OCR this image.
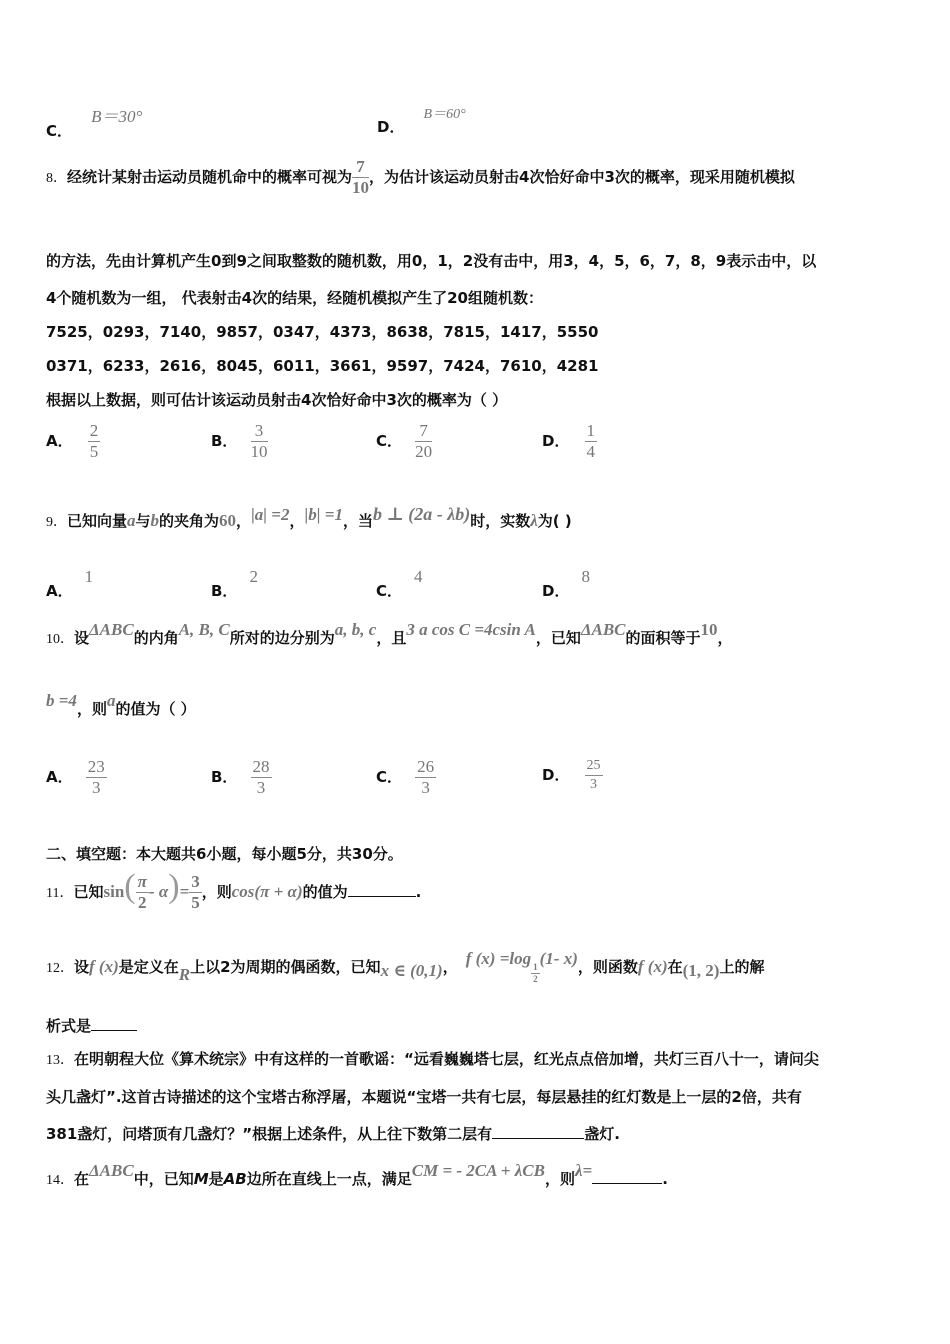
C． B＝30°
D． B＝60°
8．经统计某射击运动员随机命中的概率可视为 $\frac{7}{10}$ ，为估计该运动员射击4次恰好命中3次的概率，现采用随机模拟
的方法，先由计算机产生0到9之间取整数的随机数，用0，1，2没有击中，用3，4，5，6，7，8，9表示击中，以
4个随机数为一组， 代表射击4次的结果，经随机模拟产生了20组随机数：
7525，0293，7140，9857，0347，4373，8638，7815，1417，5550
0371，6233，2616，8045，6011，3661，9597，7424，7610，4281
根据以上数据，则可估计该运动员射击4次恰好命中3次的概率为（ ）
A． $\frac{2}{5}$	B． $\frac{3}{10}$	C． $\frac{7}{20}$	D． $\frac{1}{4}$
9．已知向量a与b的夹角为60，|a| =2，|b| =1，当b ⊥ (2a - λb)时，实数λ为( )
A．1
B．2
C．4
D．8
10．设ΔABC的内角A, B, C所对的边分别为a, b, c，且3 a cos C =4csin A，已知ΔABC的面积等于10，
b =4，则a的值为（ ）
A． $\frac{23}{3}$	B． $\frac{28}{3}$	C． $\frac{26}{3}$	D． $\frac{25}{3}$
二、填空题：本大题共6小题，每小题5分，共30分。
11．已知$\sin( \frac{\pi}{2} - \alpha)= \frac{3}{5}$ ，则cos(π + α)的值为	.
12．设f (x)是定义在R上以2为周期的偶函数，已知x ∈ (0,1)， f (x) =log
$\frac{1}{2}$
(1- x)，则函数f (x)在(1, 2)上的解
析式是
13．在明朝程大位《算术统宗》中有这样的一首歌谣：“远看巍巍塔七层，红光点点倍加增，共灯三百八十一，请问尖
头几盏灯”.这首古诗描述的这个宝塔古称浮屠，本题说“宝塔一共有七层，每层悬挂的红灯数是上一层的2倍，共有
381盏灯，问塔顶有几盏灯？”根据上述条件，从上往下数第二层有	盏灯.
14．在ΔABC中，已知M是AB边所在直线上一点，满足CM = - 2CA + λCB，则λ=	.
